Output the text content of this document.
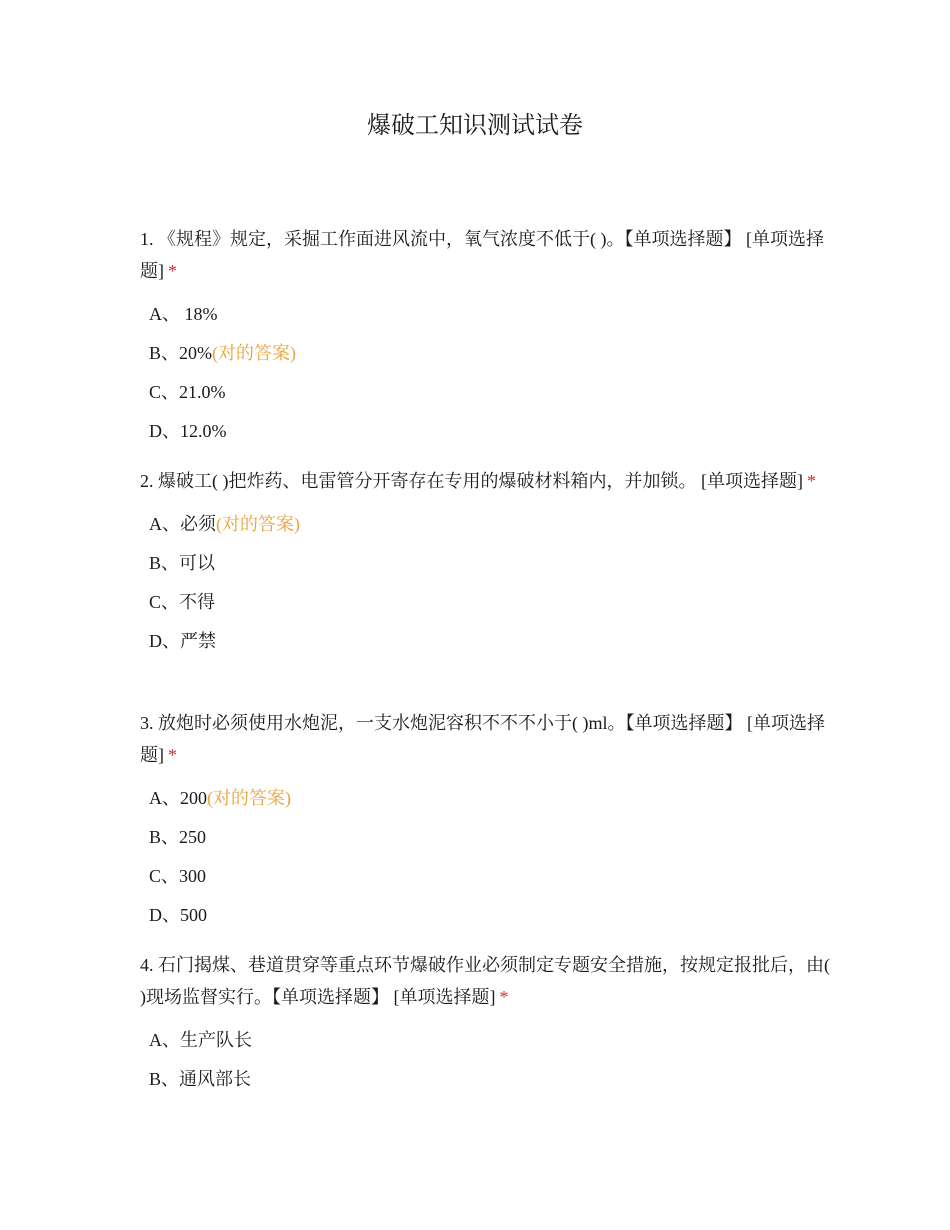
爆破工知识测试试卷
1. 《规程》规定，采掘工作面进风流中，氧气浓度不低于( )。【单项选择题】 [单项选择题] *
A、 18%
B、20%(对的答案)
C、21.0%
D、12.0%
2. 爆破工( )把炸药、电雷管分开寄存在专用的爆破材料箱内，并加锁。 [单项选择题] *
A、必须(对的答案)
B、可以
C、不得
D、严禁
3. 放炮时必须使用水炮泥，一支水炮泥容积不不不小于( )ml。【单项选择题】 [单项选择题] *
A、200(对的答案)
B、250
C、300
D、500
4. 石门揭煤、巷道贯穿等重点环节爆破作业必须制定专题安全措施，按规定报批后，由( )现场监督实行。【单项选择题】 [单项选择题] *
A、生产队长
B、通风部长
